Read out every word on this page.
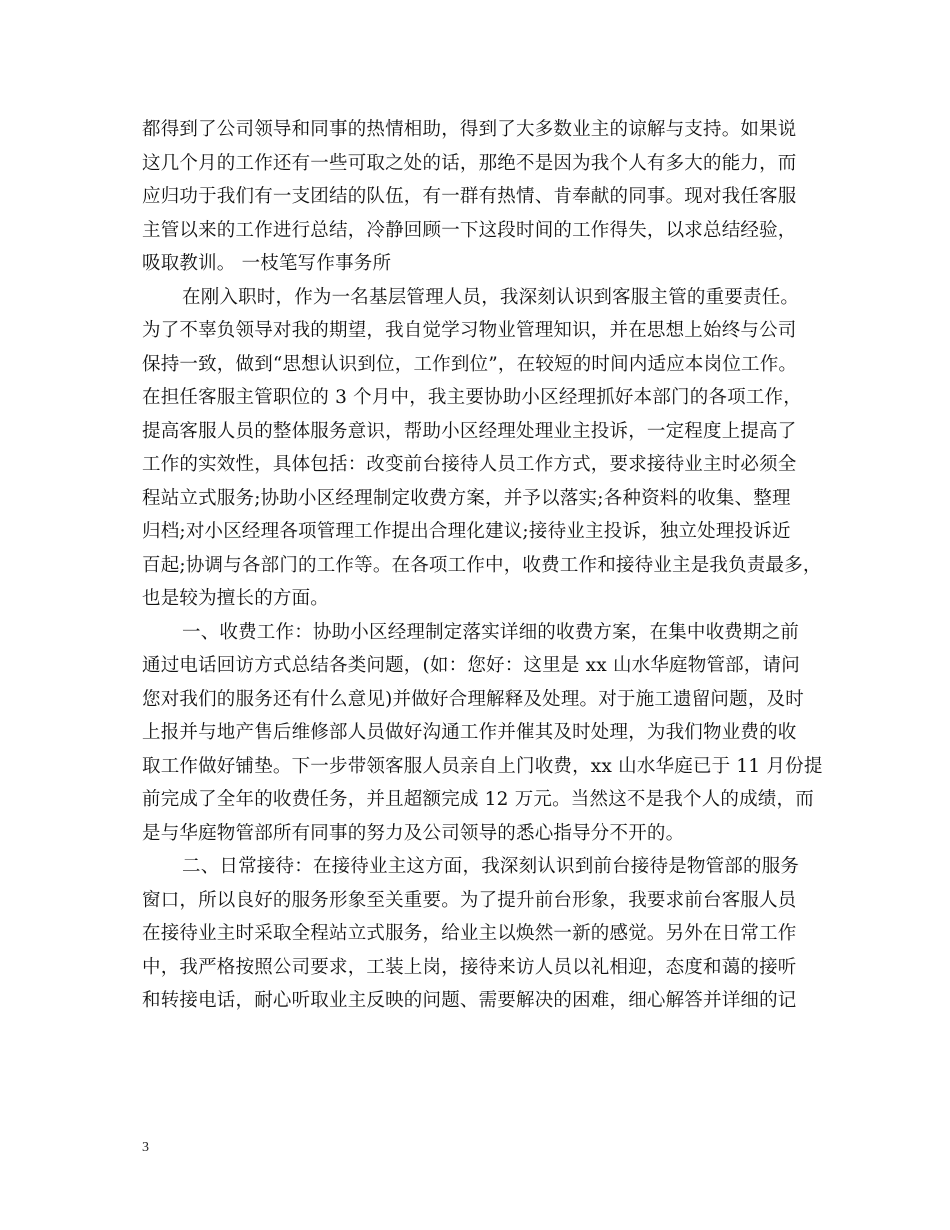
都得到了公司领导和同事的热情相助，得到了大多数业主的谅解与支持。如果说
这几个月的工作还有一些可取之处的话，那绝不是因为我个人有多大的能力，而
应归功于我们有一支团结的队伍，有一群有热情、肯奉献的同事。现对我任客服
主管以来的工作进行总结，冷静回顾一下这段时间的工作得失，以求总结经验，
吸取教训。 一枝笔写作事务所
在刚入职时，作为一名基层管理人员，我深刻认识到客服主管的重要责任。
为了不辜负领导对我的期望，我自觉学习物业管理知识，并在思想上始终与公司
保持一致，做到“思想认识到位，工作到位”，在较短的时间内适应本岗位工作。
在担任客服主管职位的 3 个月中，我主要协助小区经理抓好本部门的各项工作，
提高客服人员的整体服务意识，帮助小区经理处理业主投诉，一定程度上提高了
工作的实效性，具体包括：改变前台接待人员工作方式，要求接待业主时必须全
程站立式服务;协助小区经理制定收费方案，并予以落实;各种资料的收集、整理
归档;对小区经理各项管理工作提出合理化建议;接待业主投诉，独立处理投诉近
百起;协调与各部门的工作等。在各项工作中，收费工作和接待业主是我负责最多，
也是较为擅长的方面。
一、收费工作：协助小区经理制定落实详细的收费方案，在集中收费期之前
通过电话回访方式总结各类问题，(如：您好：这里是 xx 山水华庭物管部，请问
您对我们的服务还有什么意见)并做好合理解释及处理。对于施工遗留问题，及时
上报并与地产售后维修部人员做好沟通工作并催其及时处理，为我们物业费的收
取工作做好铺垫。下一步带领客服人员亲自上门收费，xx 山水华庭已于 11 月份提
前完成了全年的收费任务，并且超额完成 12 万元。当然这不是我个人的成绩，而
是与华庭物管部所有同事的努力及公司领导的悉心指导分不开的。
二、日常接待：在接待业主这方面，我深刻认识到前台接待是物管部的服务
窗口，所以良好的服务形象至关重要。为了提升前台形象，我要求前台客服人员
在接待业主时采取全程站立式服务，给业主以焕然一新的感觉。另外在日常工作
中，我严格按照公司要求，工装上岗，接待来访人员以礼相迎，态度和蔼的接听
和转接电话，耐心听取业主反映的问题、需要解决的困难，细心解答并详细的记
3
